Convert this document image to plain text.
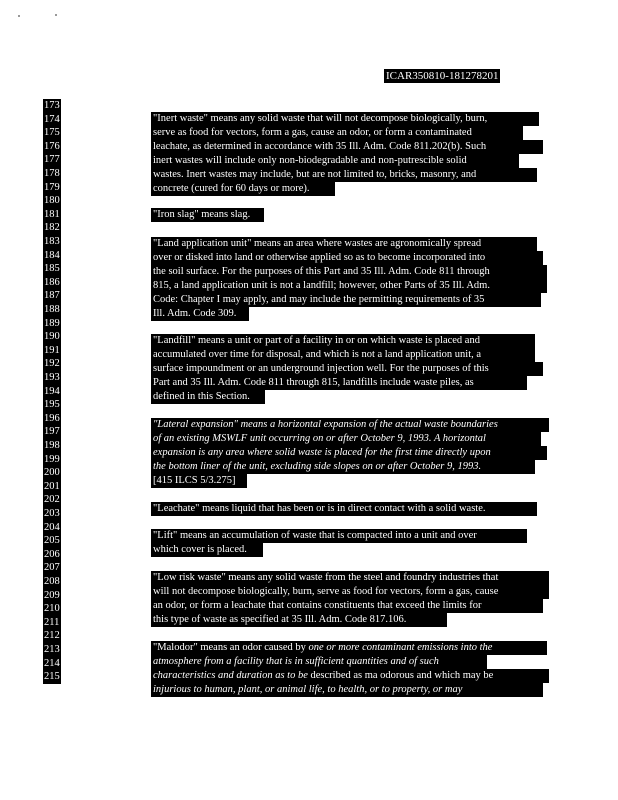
ICAR350810-181278201
173
174
175
176
177
178
179
180
181
182
183
184
185
186
187
188
189
190
191
192
193
194
195
196
197
198
199
200
201
202
203
204
205
206
207
208
209
210
211
212
213
214
215
"Inert waste" means any solid waste that will not decompose biologically, burn,
serve as food for vectors, form a gas, cause an odor, or form a contaminated
leachate, as determined in accordance with 35 Ill. Adm. Code 811.202(b). Such
inert wastes will include only non-biodegradable and non-putrescible solid
wastes. Inert wastes may include, but are not limited to, bricks, masonry, and
concrete (cured for 60 days or more).
"Iron slag" means slag.
"Land application unit" means an area where wastes are agronomically spread
over or disked into land or otherwise applied so as to become incorporated into
the soil surface. For the purposes of this Part and 35 Ill. Adm. Code 811 through
815, a land application unit is not a landfill; however, other Parts of 35 Ill. Adm.
Code: Chapter I may apply, and may include the permitting requirements of 35
Ill. Adm. Code 309.
"Landfill" means a unit or part of a facility in or on which waste is placed and
accumulated over time for disposal, and which is not a land application unit, a
surface impoundment or an underground injection well. For the purposes of this
Part and 35 Ill. Adm. Code 811 through 815, landfills include waste piles, as
defined in this Section.
"Lateral expansion" means a horizontal expansion of the actual waste boundaries
of an existing MSWLF unit occurring on or after October 9, 1993. A horizontal
expansion is any area where solid waste is placed for the first time directly upon
the bottom liner of the unit, excluding side slopes on or after October 9, 1993.
[415 ILCS 5/3.275]
"Leachate" means liquid that has been or is in direct contact with a solid waste.
"Lift" means an accumulation of waste that is compacted into a unit and over
which cover is placed.
"Low risk waste" means any solid waste from the steel and foundry industries that
will not decompose biologically, burn, serve as food for vectors, form a gas, cause
an odor, or form a leachate that contains constituents that exceed the limits for
this type of waste as specified at 35 Ill. Adm. Code 817.106.
"Malodor" means an odor caused by one or more contaminant emissions into the
atmosphere from a facility that is in sufficient quantities and of such
characteristics and duration as to be described as ma odorous and which may be
injurious to human, plant, or animal life, to health, or to property, or may
